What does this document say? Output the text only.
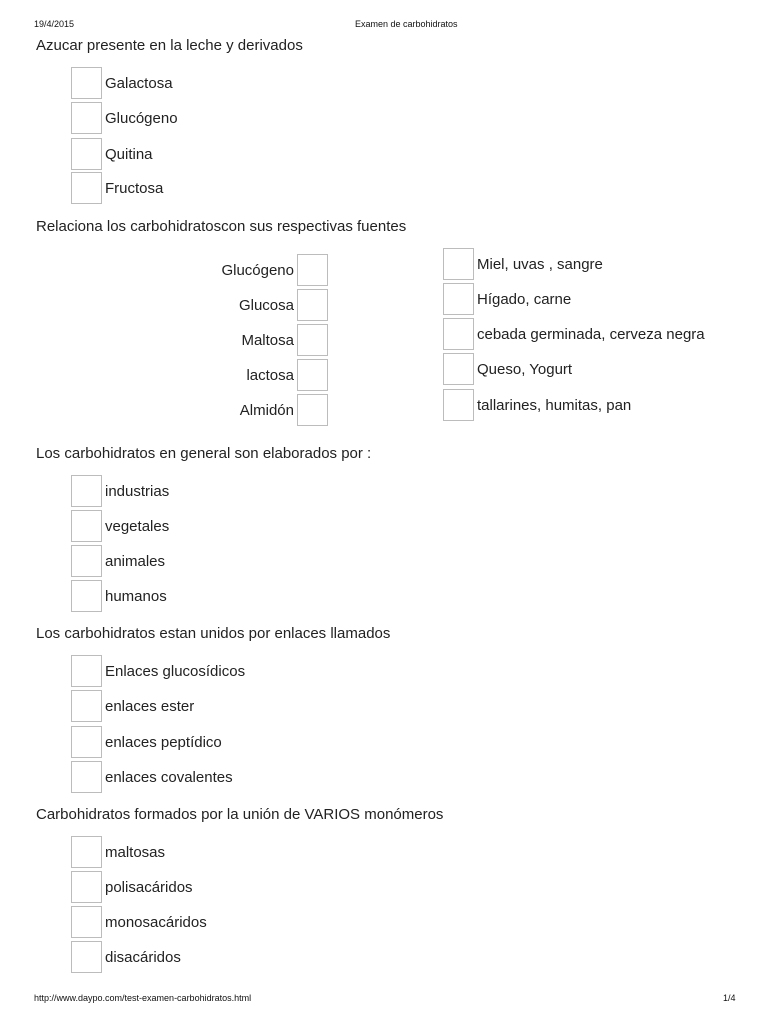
19/4/2015	Examen de carbohidratos
Azucar presente en la leche y derivados
Galactosa
Glucógeno
Quitina
Fructosa
Relaciona los carbohidratoscon sus respectivas fuentes
Glucógeno
Glucosa
Maltosa
lactosa
Almidón
Miel, uvas , sangre
Hígado, carne
cebada germinada, cerveza negra
Queso, Yogurt
tallarines, humitas, pan
Los carbohidratos en general son elaborados por :
industrias
vegetales
animales
humanos
Los carbohidratos estan unidos por enlaces llamados
Enlaces glucosídicos
enlaces ester
enlaces peptídico
enlaces covalentes
Carbohidratos formados por la unión de VARIOS monómeros
maltosas
polisacáridos
monosacáridos
disacáridos
http://www.daypo.com/test-examen-carbohidratos.html	1/4
